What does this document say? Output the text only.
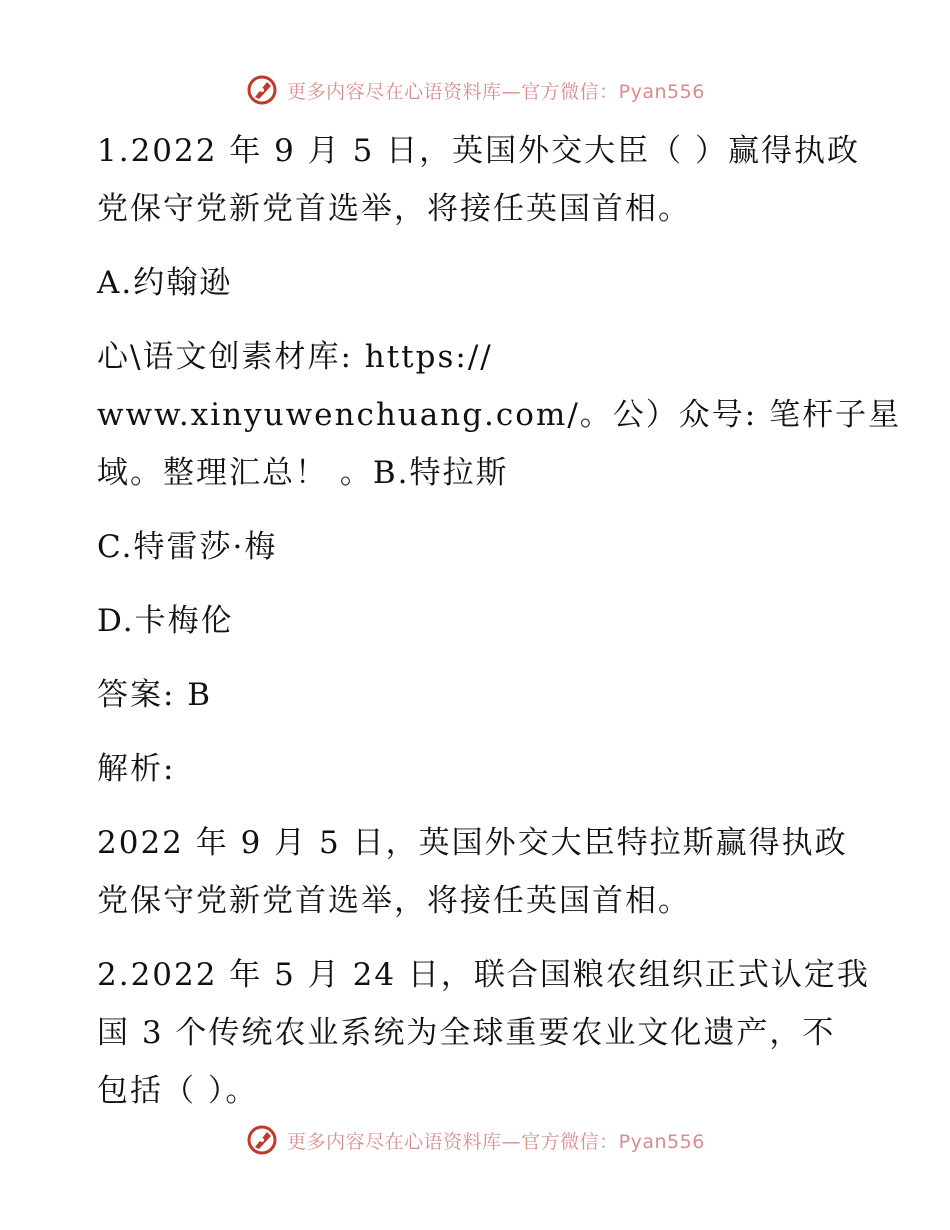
更多内容尽在心语资料库—官方微信：Pyan556
1.2022 年 9 月 5 日，英国外交大臣（ ）赢得执政
党保守党新党首选举，将接任英国首相。
A.约翰逊
心\语文创素材库: https://
www.xinyuwenchuang.com/。公）众号: 笔杆子星
域。整理汇总！ 。B.特拉斯
C.特雷莎·梅
D.卡梅伦
答案: B
解析:
2022 年 9 月 5 日，英国外交大臣特拉斯赢得执政
党保守党新党首选举，将接任英国首相。
2.2022 年 5 月 24 日，联合国粮农组织正式认定我
国 3 个传统农业系统为全球重要农业文化遗产，不
包括（ ）。
更多内容尽在心语资料库—官方微信：Pyan556
